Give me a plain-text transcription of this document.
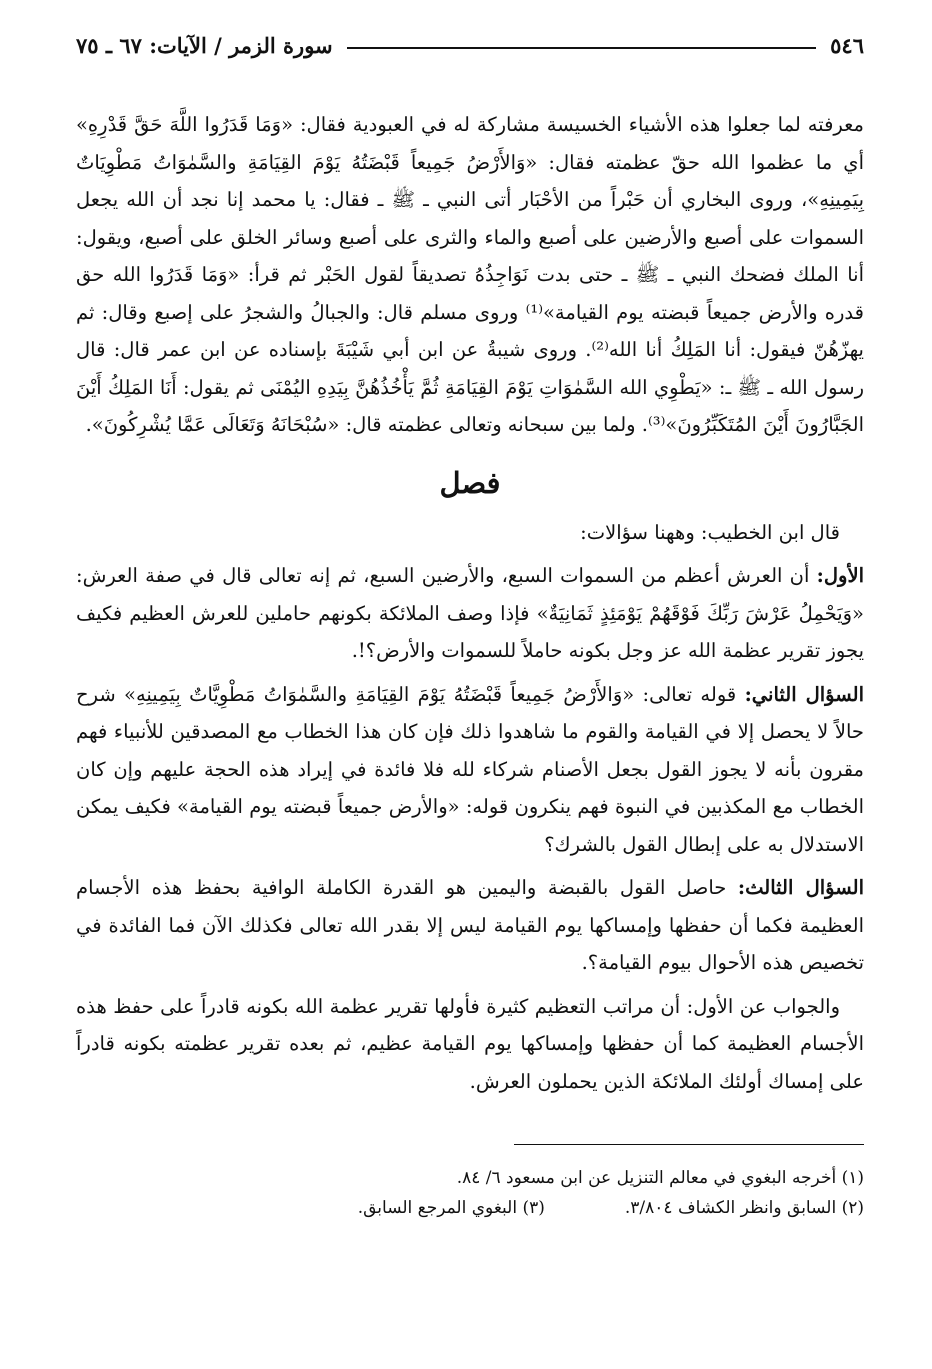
٥٤٦
سورة الزمر / الآيات: ٦٧ ـ ٧٥

معرفته لما جعلوا هذه الأشياء الخسيسة مشاركة له في العبودية فقال: «وَمَا قَدَرُوا اللَّهَ حَقَّ قَدْرِهِ» أي ما عظموا الله حقّ عظمته فقال: «وَالأَرْضُ جَمِيعاً قَبْضَتُهُ يَوْمَ القِيَامَةِ والسَّمٰوَاتُ مَطْوِيَاتٌ بِيَمِينِهِ»، وروى البخاري أن حَبْراً من الأحْبَار أتى النبي ـ ﷺ ـ فقال: يا محمد إنا نجد أن الله يجعل السموات على أصبع والأرضين على أصبع والماء والثرى على أصبع وسائر الخلق على أصبع، ويقول: أنا الملك فضحك النبي ـ ﷺ ـ حتى بدت نَوَاجِذُهُ تصديقاً لقول الحَبْر ثم قرأ: «وَمَا قَدَرُوا الله حق قدره والأرض جميعاً قبضته يوم القيامة»⁽¹⁾ وروى مسلم قال: والجبالُ والشجرُ على إصبع وقال: ثم يهزّهُنّ فيقول: أنا المَلِكُ أنا الله⁽²⁾. وروى شيبةُ عن ابن أبي شَيْبَةَ بإسناده عن ابن عمر قال: قال رسول الله ـ ﷺ ـ: «يَطْوِي الله السَّمٰوَاتِ يَوْمَ القِيَامَةِ ثُمَّ يَأْخُذُهُنَّ بِيَدِهِ اليُمْنَى ثم يقول: أَنَا المَلِكُ أَيْنَ الجَبَّارُونَ أَيْنَ المُتَكَبِّرُونَ»⁽³⁾. ولما بين سبحانه وتعالى عظمته قال: «سُبْحَانَهُ وَتَعَالَى عَمَّا يُشْرِكُونَ».

فصل

قال ابن الخطيب: وههنا سؤالات:

الأول: أن العرش أعظم من السموات السبع، والأرضين السبع، ثم إنه تعالى قال في صفة العرش: «وَيَحْمِلُ عَرْشَ رَبِّكَ فَوْقَهُمْ يَوْمَئِذٍ ثَمَانِيَةٌ» فإذا وصف الملائكة بكونهم حاملين للعرش العظيم فكيف يجوز تقرير عظمة الله عز وجل بكونه حاملاً للسموات والأرض؟!.

السؤال الثاني: قوله تعالى: «وَالأَرْضُ جَمِيعاً قَبْضَتُهُ يَوْمَ القِيَامَةِ والسَّمٰوَاتُ مَطْوِيَّاتٌ بِيَمِينِهِ» شرح حالاً لا يحصل إلا في القيامة والقوم ما شاهدوا ذلك فإن كان هذا الخطاب مع المصدقين للأنبياء فهم مقرون بأنه لا يجوز القول بجعل الأصنام شركاء لله فلا فائدة في إيراد هذه الحجة عليهم وإن كان الخطاب مع المكذبين في النبوة فهم ينكرون قوله: «والأرض جميعاً قبضته يوم القيامة» فكيف يمكن الاستدلال به على إبطال القول بالشرك؟

السؤال الثالث: حاصل القول بالقبضة واليمين هو القدرة الكاملة الوافية بحفظ هذه الأجسام العظيمة فكما أن حفظها وإمساكها يوم القيامة ليس إلا بقدر الله تعالى فكذلك الآن فما الفائدة في تخصيص هذه الأحوال بيوم القيامة؟.

والجواب عن الأول: أن مراتب التعظيم كثيرة فأولها تقرير عظمة الله بكونه قادراً على حفظ هذه الأجسام العظيمة كما أن حفظها وإمساكها يوم القيامة عظيم، ثم بعده تقرير عظمته بكونه قادراً على إمساك أولئك الملائكة الذين يحملون العرش.

(١) أخرجه البغوي في معالم التنزيل عن ابن مسعود ٦/ ٨٤.
(٢) السابق وانظر الكشاف ٣/٨٠٤.
(٣) البغوي المرجع السابق.
